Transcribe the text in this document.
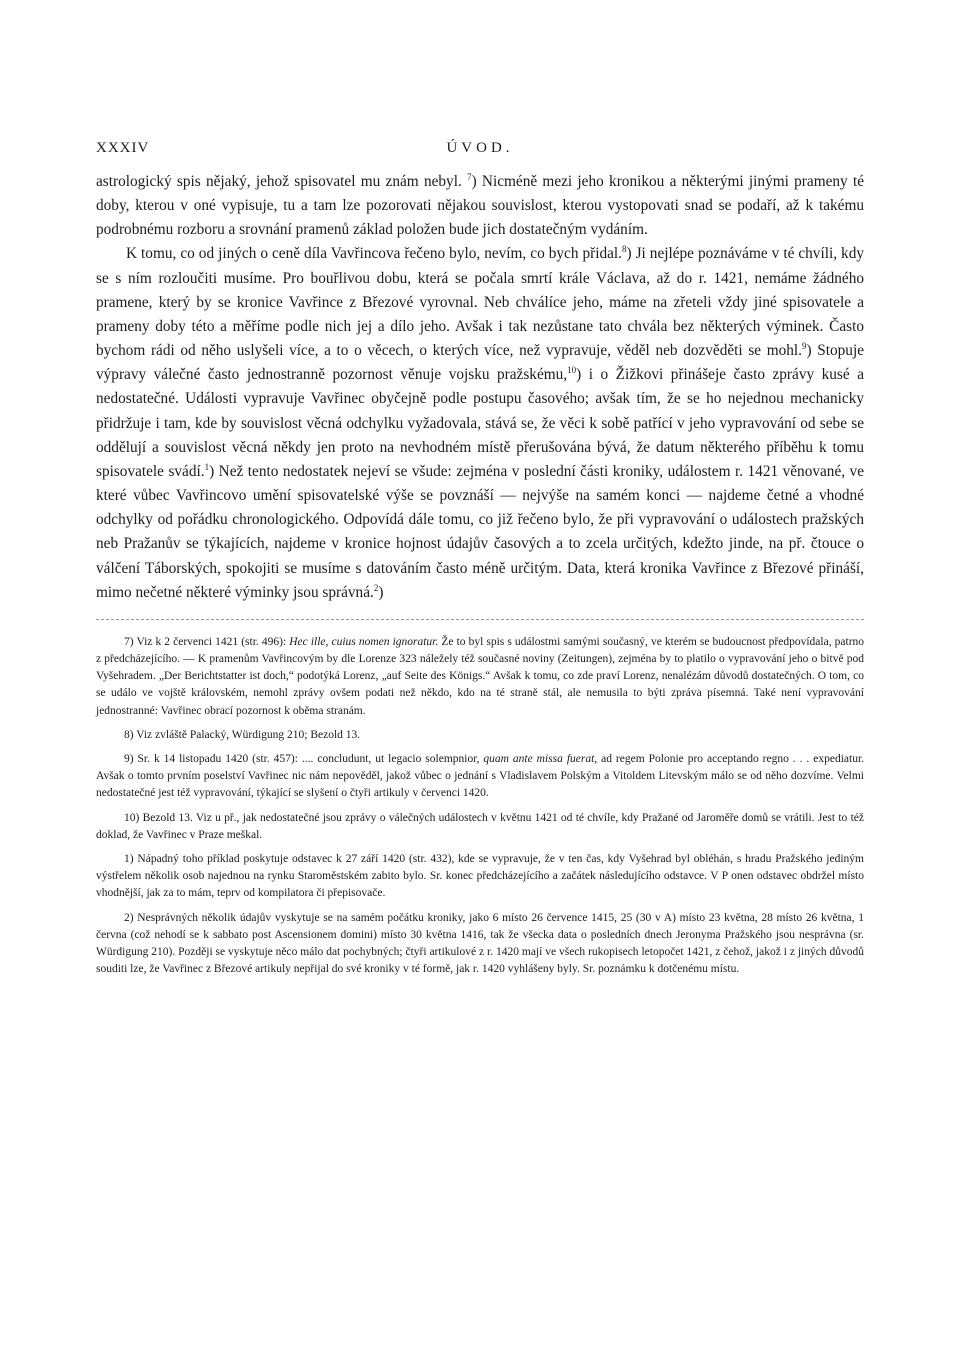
XXXIV	ÚVOD.

astrologický spis nějaký, jehož spisovatel mu znám nebyl. $^7$) Nicméně mezi jeho kronikou a některými jinými prameny té doby, kterou v oné vypisuje, tu a tam lze pozorovati nějakou souvislost, kterou vystopovati snad se podaří, až k takému podrobnému rozboru a srovnání pramenů základ položen bude jich dostatečným vydáním.

K tomu, co od jiných o ceně díla Vavřincova řečeno bylo, nevím, co bych přidal.$^8$) Ji nejlépe poznáváme v té chvíli, kdy se s ním rozloučiti musíme. Pro bouřlivou dobu, která se počala smrtí krále Václava, až do r. 1421, nemáme žádného pramene, který by se kronice Vavřince z Březové vyrovnal. Neb chválíce jeho, máme na zřeteli vždy jiné spisovatele a prameny doby této a měříme podle nich jej a dílo jeho. Avšak i tak nezůstane tato chvála bez některých výminek. Často bychom rádi od něho uslyšeli více, a to o věcech, o kterých více, než vypravuje, věděl neb dozvěděti se mohl.$^9$) Stopuje výpravy válečné často jednostranně pozornost věnuje vojsku pražskému,$^{10}$) i o Žižkovi přinášeje často zprávy kusé a nedostatečné. Události vypravuje Vavřinec obyčejně podle postupu časového; avšak tím, že se ho nejednou mechanicky přidržuje i tam, kde by souvislost věcná odchylku vyžadovala, stává se, že věci k sobě patřící v jeho vypravování od sebe se oddělují a souvislost věcná někdy jen proto na nevhodném místě přerušována bývá, že datum některého příběhu k tomu spisovatele svádí.$^1$) Než tento nedostatek nejeví se všude: zejména v poslední části kroniky, událostem r. 1421 věnované, ve které vůbec Vavřincovo umění spisovatelské výše se povznáší — nejvýše na samém konci — najdeme četné a vhodné odchylky od pořádku chronologického. Odpovídá dále tomu, co již řečeno bylo, že při vypravování o událostech pražských neb Pražanův se týkajících, najdeme v kronice hojnost údajův časových a to zcela určitých, kdežto jinde, na př. čtouce o válčení Táborských, spokojiti se musíme s datováním často méně určitým. Data, která kronika Vavřince z Březové přináší, mimo nečetné některé výminky jsou správná.$^2$)

7) Viz k 2 červenci 1421 (str. 496): Hec ille, cuius nomen ignoratur. Že to byl spis s událostmi samými současný, ve kterém se budoucnost předpovídala, patrno z předcházejícího. — K pramenům Vavřincovým by dle Lorenze 323 náležely též současné noviny (Zeitungen), zejména by to platilo o vypravování jeho o bitvě pod Vyšehradem. „Der Berichtstatter ist doch,“ podotýká Lorenz, „auf Seite des Königs.“ Avšak k tomu, co zde praví Lorenz, nenalézám důvodů dostatečných. O tom, co se událo ve vojště královském, nemohl zprávy ovšem podati než někdo, kdo na té straně stál, ale nemusila to býti zpráva písemná. Také není vypravování jednostranné: Vavřinec obrací pozornost k oběma stranám.

8) Viz zvláště Palacký, Würdigung 210; Bezold 13.

9) Sr. k 14 listopadu 1420 (str. 457): .... concludunt, ut legacio solempnior, quam ante missa fuerat, ad regem Polonie pro acceptando regno . . . expediatur. Avšak o tomto prvním poselství Vavřinec nic nám nepověděl, jakož vůbec o jednání s Vladislavem Polským a Vitoldem Litevským málo se od něho dozvíme. Velmi nedostatečné jest též vypravování, týkající se slyšení o čtyři artikuly v červenci 1420.

10) Bezold 13. Viz u př., jak nedostatečné jsou zprávy o válečných událostech v květnu 1421 od té chvíle, kdy Pražané od Jaroměře domů se vrátili. Jest to též doklad, že Vavřinec v Praze meškal.

1) Nápadný toho příklad poskytuje odstavec k 27 září 1420 (str. 432), kde se vypravuje, že v ten čas, kdy Vyšehrad byl obléhán, s hradu Pražského jediným výstřelem několik osob najednou na rynku Staroměstském zabito bylo. Sr. konec předcházejícího a začátek následujícího odstavce. V P onen odstavec obdržel místo vhodnější, jak za to mám, teprv od kompilatora či přepisovače.

2) Nesprávných několik údajův vyskytuje se na samém počátku kroniky, jako 6 místo 26 července 1415, 25 (30 v A) místo 23 května, 28 místo 26 května, 1 června (což nehodí se k sabbato post Ascensionem domini) místo 30 května 1416, tak že všecka data o posledních dnech Jeronyma Pražského jsou nesprávna (sr. Würdigung 210). Později se vyskytuje něco málo dat pochybných; čtyři artikulové z r. 1420 mají ve všech rukopisech letopočet 1421, z čehož, jakož i z jiných důvodů souditi lze, že Vavřinec z Březové artikuly nepřijal do své kroniky v té formě, jak r. 1420 vyhlášeny byly. Sr. poznámku k dotčenému místu.
